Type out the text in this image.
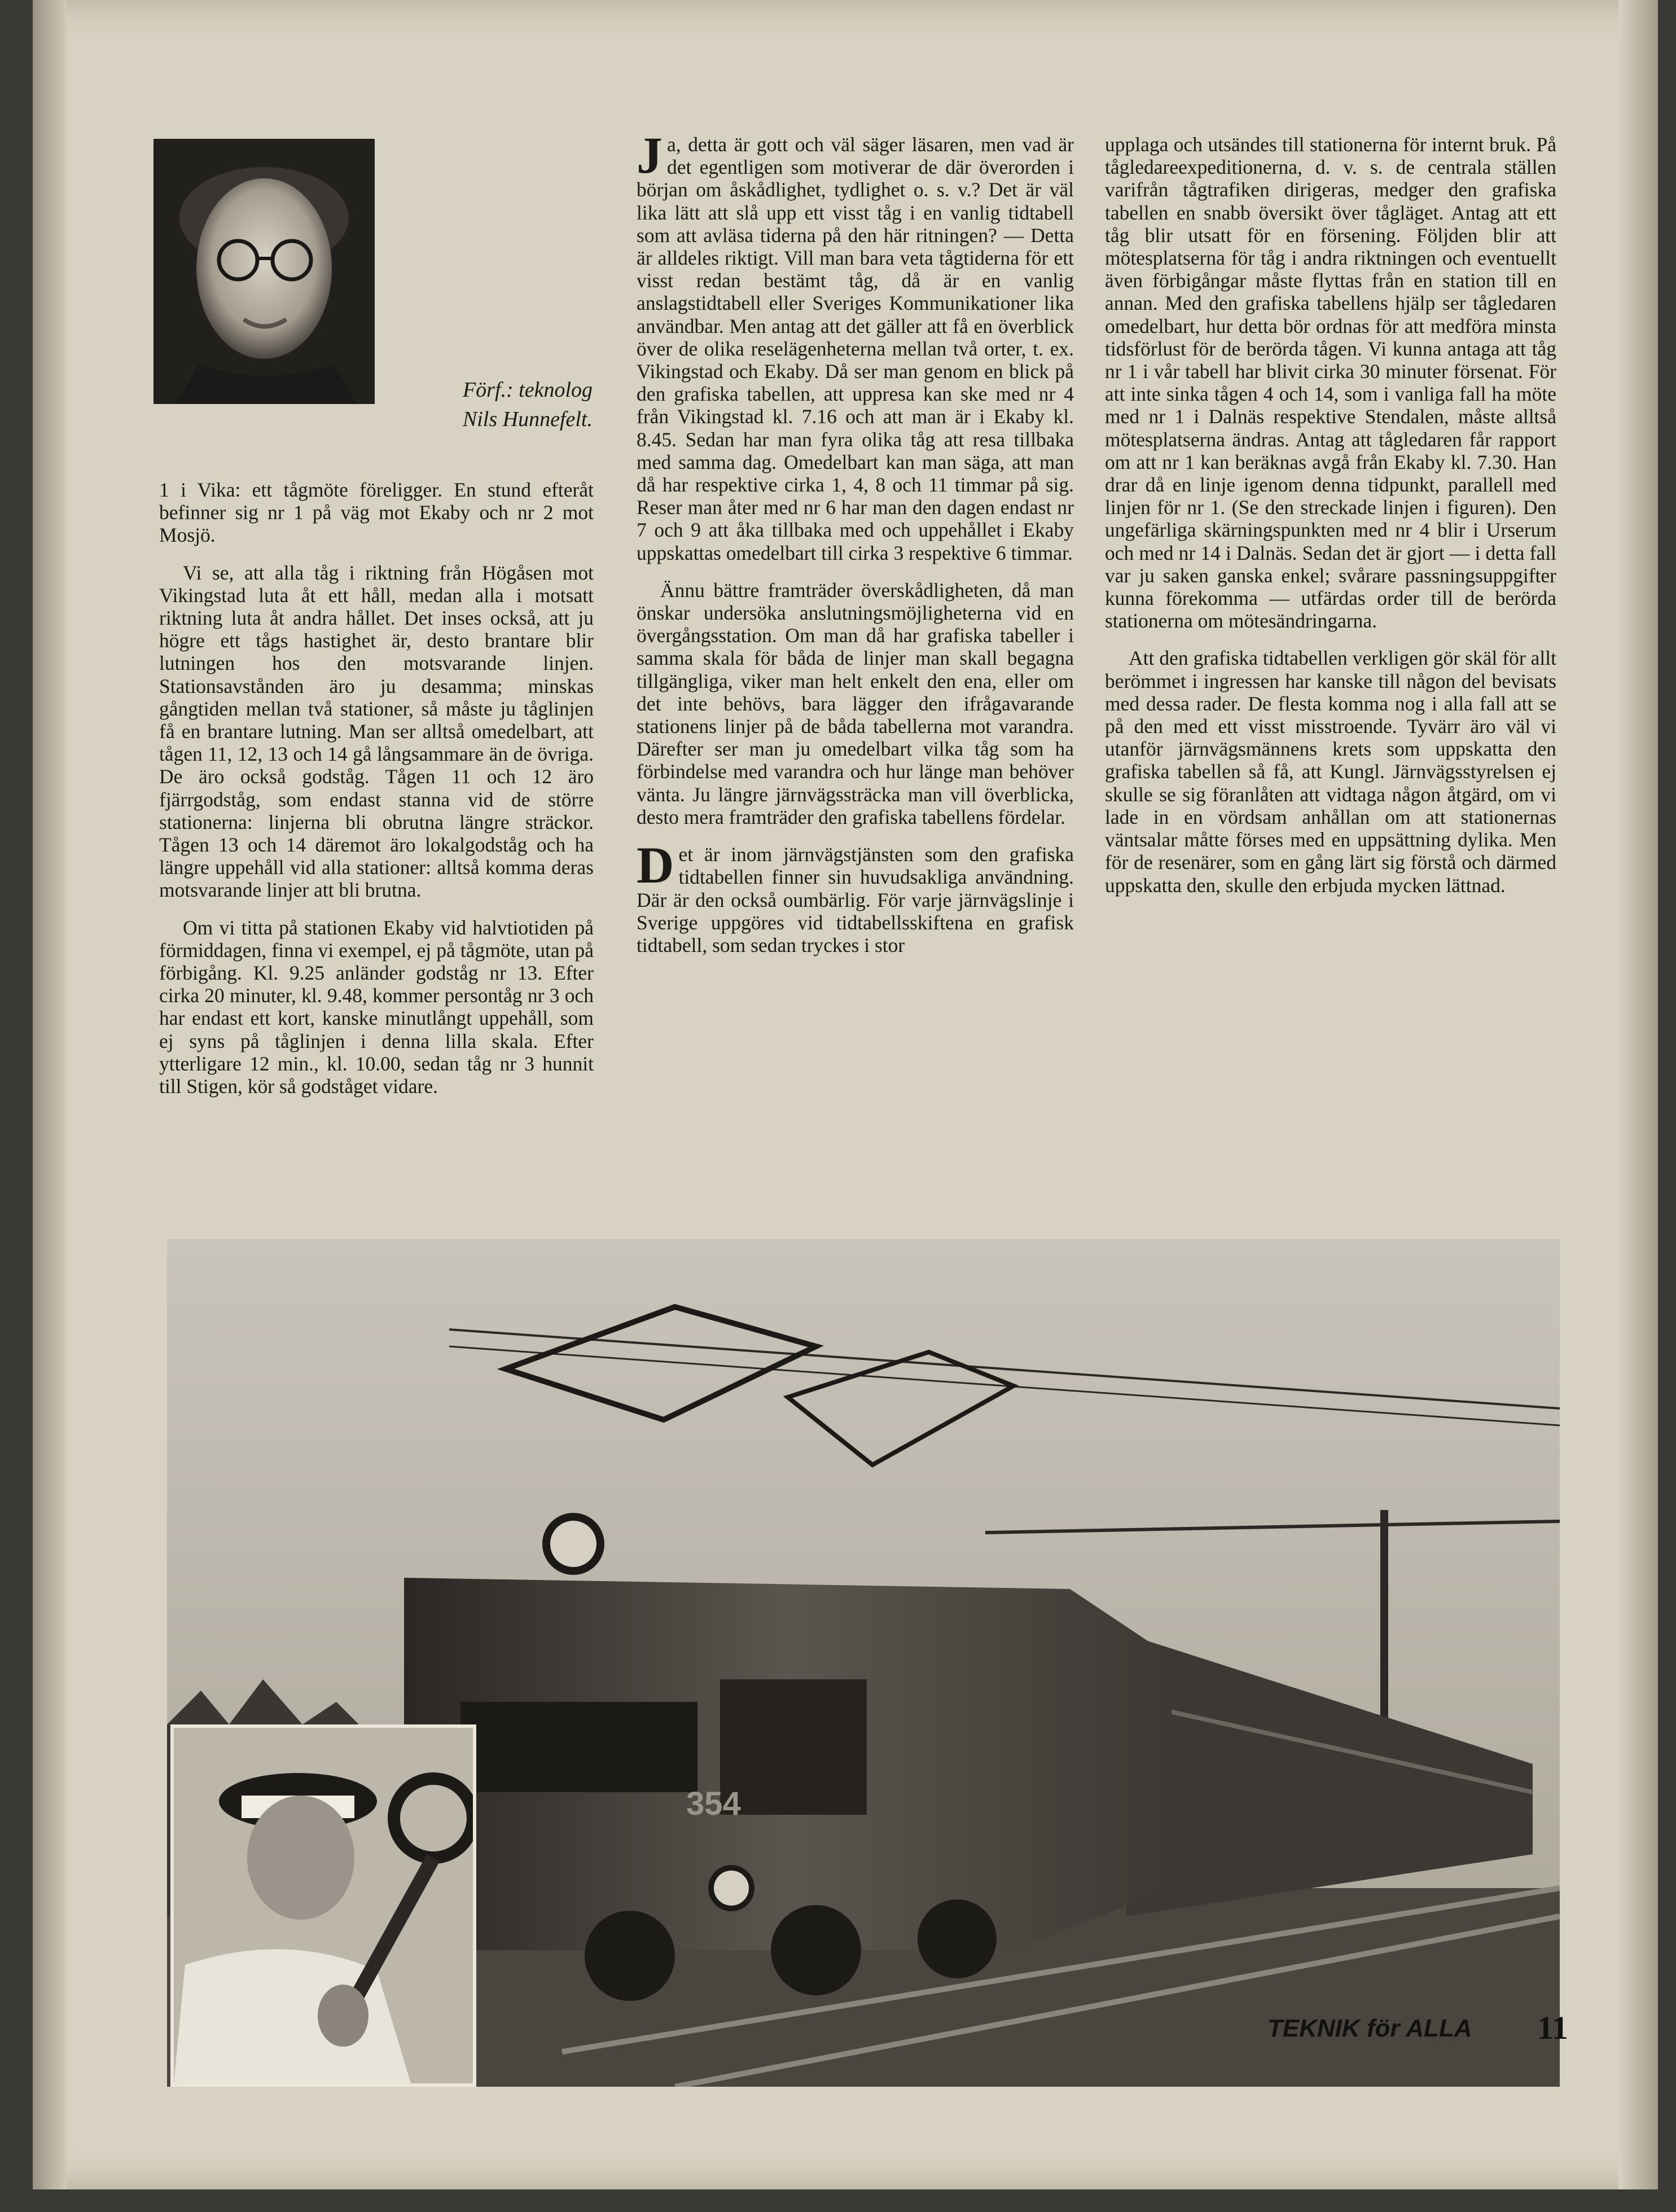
Förf.: teknolog
Nils Hunnefelt.

1 i Vika: ett tågmöte föreligger. En stund efteråt befinner sig nr 1 på väg mot Ekaby och nr 2 mot Mosjö.

Vi se, att alla tåg i riktning från Högåsen mot Vikingstad luta åt ett håll, medan alla i motsatt riktning luta åt andra hållet. Det inses också, att ju högre ett tågs hastighet är, desto brantare blir lutningen hos den motsvarande linjen. Stationsavstånden äro ju desamma; minskas gångtiden mellan två stationer, så måste ju tåglinjen få en brantare lutning. Man ser alltså omedelbart, att tågen 11, 12, 13 och 14 gå långsammare än de övriga. De äro också godståg. Tågen 11 och 12 äro fjärrgodståg, som endast stanna vid de större stationerna: linjerna bli obrutna längre sträckor. Tågen 13 och 14 däremot äro lokalgodståg och ha längre uppehåll vid alla stationer: alltså komma deras motsvarande linjer att bli brutna.

Om vi titta på stationen Ekaby vid halvtiotiden på förmiddagen, finna vi exempel, ej på tågmöte, utan på förbigång. Kl. 9.25 anländer godståg nr 13. Efter cirka 20 minuter, kl. 9.48, kommer persontåg nr 3 och har endast ett kort, kanske minutlångt uppehåll, som ej syns på tåglinjen i denna lilla skala. Efter ytterligare 12 min., kl. 10.00, sedan tåg nr 3 hunnit till Stigen, kör så godståget vidare.

Ja, detta är gott och väl säger läsaren, men vad är det egentligen som motiverar de där överorden i början om åskådlighet, tydlighet o. s. v.? Det är väl lika lätt att slå upp ett visst tåg i en vanlig tidtabell som att avläsa tiderna på den här ritningen? — Detta är alldeles riktigt. Vill man bara veta tågtiderna för ett visst redan bestämt tåg, då är en vanlig anslagstidtabell eller Sveriges Kommunikationer lika användbar. Men antag att det gäller att få en överblick över de olika reselägenheterna mellan två orter, t. ex. Vikingstad och Ekaby. Då ser man genom en blick på den grafiska tabellen, att uppresa kan ske med nr 4 från Vikingstad kl. 7.16 och att man är i Ekaby kl. 8.45. Sedan har man fyra olika tåg att resa tillbaka med samma dag. Omedelbart kan man säga, att man då har respektive cirka 1, 4, 8 och 11 timmar på sig. Reser man åter med nr 6 har man den dagen endast nr 7 och 9 att åka tillbaka med och uppehållet i Ekaby uppskattas omedelbart till cirka 3 respektive 6 timmar.

Ännu bättre framträder överskådligheten, då man önskar undersöka anslutningsmöjligheterna vid en övergångsstation. Om man då har grafiska tabeller i samma skala för båda de linjer man skall begagna tillgängliga, viker man helt enkelt den ena, eller om det inte behövs, bara lägger den ifrågavarande stationens linjer på de båda tabellerna mot varandra. Därefter ser man ju omedelbart vilka tåg som ha förbindelse med varandra och hur länge man behöver vänta. Ju längre järnvägssträcka man vill överblicka, desto mera framträder den grafiska tabellens fördelar.

Det är inom järnvägstjänsten som den grafiska tidtabellen finner sin huvudsakliga användning. Där är den också oumbärlig. För varje järnvägslinje i Sverige uppgöres vid tidtabellsskiftena en grafisk tidtabell, som sedan tryckes i stor

upplaga och utsändes till stationerna för internt bruk. På tågledareexpeditionerna, d. v. s. de centrala ställen varifrån tågtrafiken dirigeras, medger den grafiska tabellen en snabb översikt över tågläget. Antag att ett tåg blir utsatt för en försening. Följden blir att mötesplatserna för tåg i andra riktningen och eventuellt även förbigångar måste flyttas från en station till en annan. Med den grafiska tabellens hjälp ser tågledaren omedelbart, hur detta bör ordnas för att medföra minsta tidsförlust för de berörda tågen. Vi kunna antaga att tåg nr 1 i vår tabell har blivit cirka 30 minuter försenat. För att inte sinka tågen 4 och 14, som i vanliga fall ha möte med nr 1 i Dalnäs respektive Stendalen, måste alltså mötesplatserna ändras. Antag att tågledaren får rapport om att nr 1 kan beräknas avgå från Ekaby kl. 7.30. Han drar då en linje igenom denna tidpunkt, parallell med linjen för nr 1. (Se den streckade linjen i figuren). Den ungefärliga skärningspunkten med nr 4 blir i Urserum och med nr 14 i Dalnäs. Sedan det är gjort — i detta fall var ju saken ganska enkel; svårare passningsuppgifter kunna förekomma — utfärdas order till de berörda stationerna om mötesändringarna.

Att den grafiska tidtabellen verkligen gör skäl för allt berömmet i ingressen har kanske till någon del bevisats med dessa rader. De flesta komma nog i alla fall att se på den med ett visst misstroende. Tyvärr äro väl vi utanför järnvägsmännens krets som uppskatta den grafiska tabellen så få, att Kungl. Järnvägsstyrelsen ej skulle se sig föranlåten att vidtaga någon åtgärd, om vi lade in en vördsam anhållan om att stationernas väntsalar måtte förses med en uppsättning dylika. Men för de resenärer, som en gång lärt sig förstå och därmed uppskatta den, skulle den erbjuda mycken lättnad.

354
TEKNIK för ALLA 11
